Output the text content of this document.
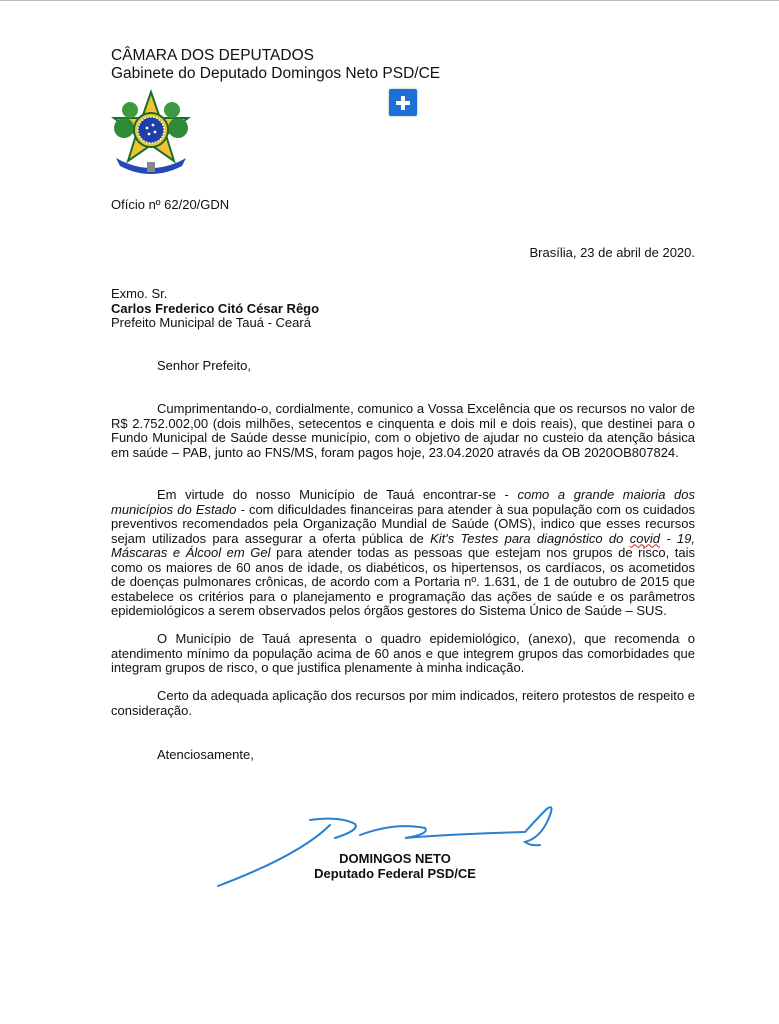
CÂMARA DOS DEPUTADOS
Gabinete do Deputado Domingos Neto PSD/CE
Ofício nº 62/20/GDN
Brasília, 23 de abril de 2020.
Exmo. Sr.
Carlos Frederico Citó César Rêgo
Prefeito Municipal de Tauá - Ceará
Senhor Prefeito,
Cumprimentando-o, cordialmente, comunico a Vossa Excelência que os recursos no valor de R$ 2.752.002,00 (dois milhões, setecentos e cinquenta e dois mil e dois reais), que destinei para o Fundo Municipal de Saúde desse município, com o objetivo de ajudar no custeio da atenção básica em saúde – PAB, junto ao FNS/MS, foram pagos hoje, 23.04.2020 através da OB 2020OB807824.
Em virtude do nosso Município de Tauá encontrar-se - como a grande maioria dos municípios do Estado - com dificuldades financeiras para atender à sua população com os cuidados preventivos recomendados pela Organização Mundial de Saúde (OMS), indico que esses recursos sejam utilizados para assegurar a oferta pública de Kit's Testes para diagnóstico do covid - 19, Máscaras e Álcool em Gel para atender todas as pessoas que estejam nos grupos de risco, tais como os maiores de 60 anos de idade, os diabéticos, os hipertensos, os cardíacos, os acometidos de doenças pulmonares crônicas, de acordo com a Portaria nº. 1.631, de 1 de outubro de 2015 que estabelece os critérios para o planejamento e programação das ações de saúde e os parâmetros epidemiológicos a serem observados pelos órgãos gestores do Sistema Único de Saúde – SUS.
O Município de Tauá apresenta o quadro epidemiológico, (anexo), que recomenda o atendimento mínimo da população acima de 60 anos e que integrem grupos das comorbidades que integram grupos de risco, o que justifica plenamente à minha indicação.
Certo da adequada aplicação dos recursos por mim indicados, reitero protestos de respeito e consideração.
Atenciosamente,
DOMINGOS NETO
Deputado Federal PSD/CE
